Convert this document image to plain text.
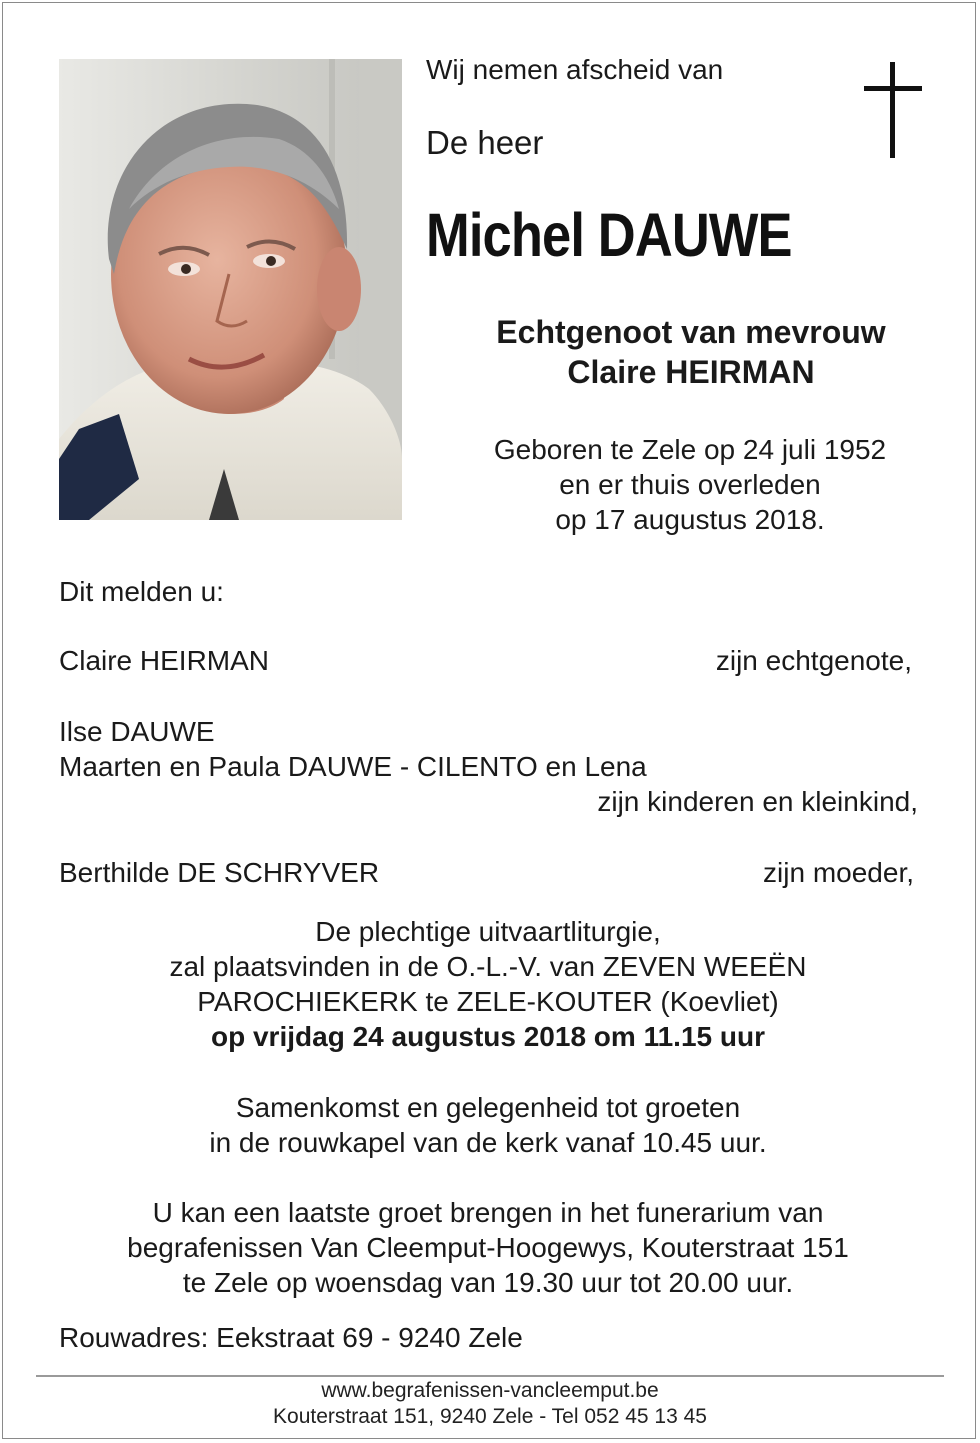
Wij nemen afscheid van
De heer
Michel DAUWE
Echtgenoot van mevrouw
Claire HEIRMAN
Geboren te Zele op 24 juli 1952
en er thuis overleden
op 17 augustus 2018.
Dit melden u:
Claire HEIRMAN	zijn echtgenote,
Ilse DAUWE
Maarten en Paula DAUWE - CILENTO en Lena
zijn kinderen en kleinkind,
Berthilde DE SCHRYVER	zijn moeder,
De plechtige uitvaartliturgie,
zal plaatsvinden in de O.-L.-V. van ZEVEN WEEËN
PAROCHIEKERK te ZELE-KOUTER (Koevliet)
op vrijdag 24 augustus 2018 om 11.15 uur
Samenkomst en gelegenheid tot groeten
in de rouwkapel van de kerk vanaf 10.45 uur.
U kan een laatste groet brengen in het funerarium van
begrafenissen Van Cleemput-Hoogewys, Kouterstraat 151
te Zele op woensdag van 19.30 uur tot 20.00 uur.
Rouwadres: Eekstraat 69 - 9240 Zele
www.begrafenissen-vancleemput.be
Kouterstraat 151, 9240 Zele - Tel 052 45 13 45
